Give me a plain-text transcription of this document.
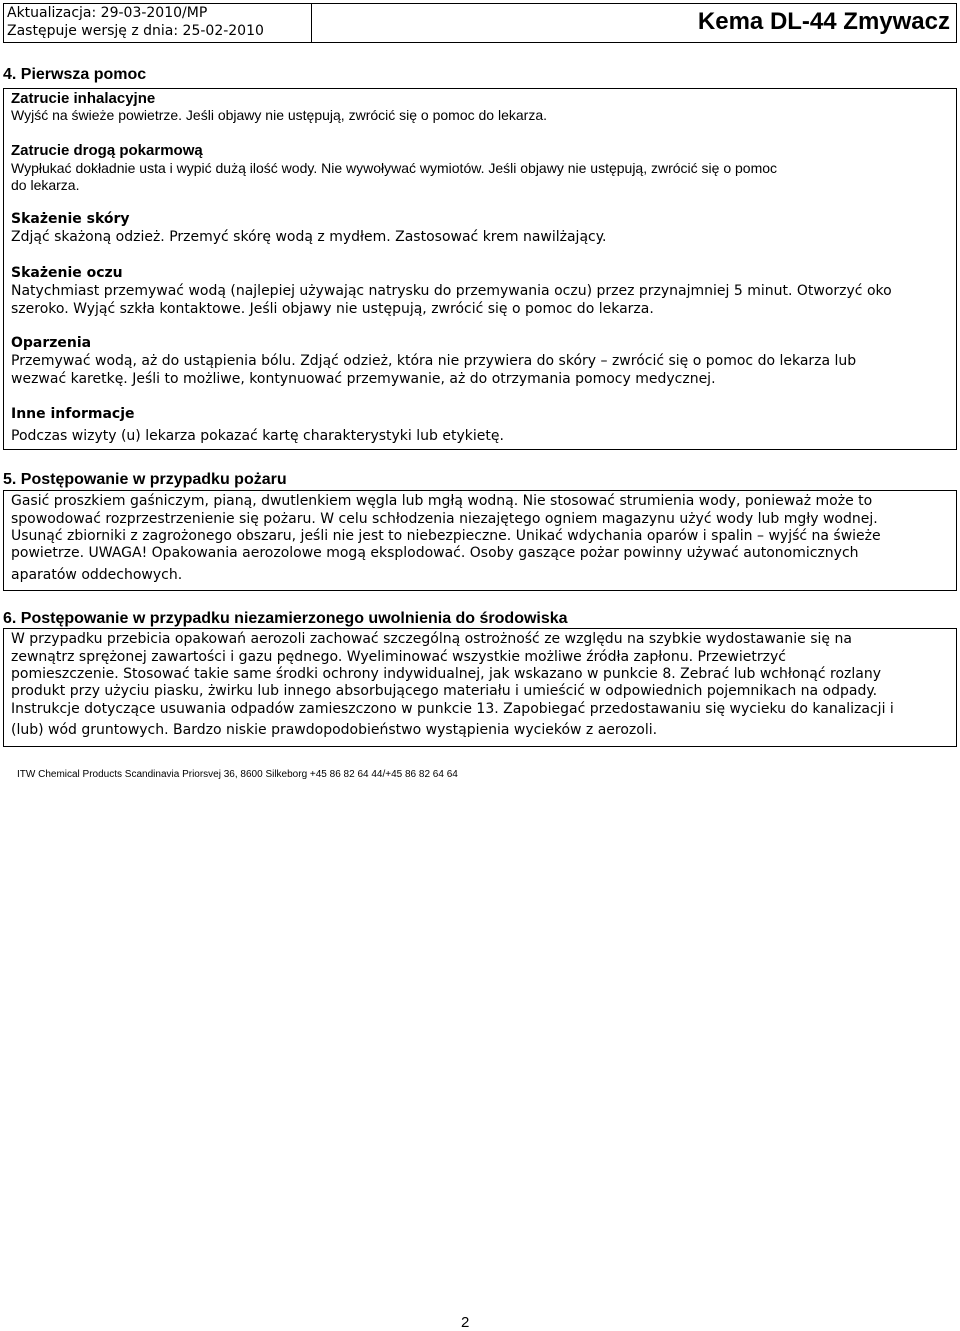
Aktualizacja: 29-03-2010/MP
Zastępuje wersję z dnia: 25-02-2010	Kema DL-44 Zmywacz
4. Pierwsza pomoc
Zatrucie inhalacyjne
Wyjść na świeże powietrze. Jeśli objawy nie ustępują, zwrócić się o pomoc do lekarza.
Zatrucie drogą pokarmową
Wypłukać dokładnie usta i wypić dużą ilość wody. Nie wywoływać wymiotów. Jeśli objawy nie ustępują, zwrócić się o pomoc
do lekarza.
Skażenie skóry
Zdjąć skażoną odzież. Przemyć skórę wodą z mydłem. Zastosować krem nawilżający.
Skażenie oczu
Natychmiast przemywać wodą (najlepiej używając natrysku do przemywania oczu) przez przynajmniej 5 minut. Otworzyć oko
szeroko. Wyjąć szkła kontaktowe. Jeśli objawy nie ustępują, zwrócić się o pomoc do lekarza.
Oparzenia
Przemywać wodą, aż do ustąpienia bólu. Zdjąć odzież, która nie przywiera do skóry – zwrócić się o pomoc do lekarza lub
wezwać karetkę. Jeśli to możliwe, kontynuować przemywanie, aż do otrzymania pomocy medycznej.
Inne informacje
Podczas wizyty (u) lekarza pokazać kartę charakterystyki lub etykietę.
5. Postępowanie w przypadku pożaru
Gasić proszkiem gaśniczym, pianą, dwutlenkiem węgla lub mgłą wodną. Nie stosować strumienia wody, ponieważ może to
spowodować rozprzestrzenienie się pożaru. W celu schłodzenia niezajętego ogniem magazynu użyć wody lub mgły wodnej.
Usunąć zbiorniki z zagrożonego obszaru, jeśli nie jest to niebezpieczne. Unikać wdychania oparów i spalin – wyjść na świeże
powietrze. UWAGA! Opakowania aerozolowe mogą eksplodować. Osoby gaszące pożar powinny używać autonomicznych
aparatów oddechowych.
6. Postępowanie w przypadku niezamierzonego uwolnienia do środowiska
W przypadku przebicia opakowań aerozoli zachować szczególną ostrożność ze względu na szybkie wydostawanie się na
zewnątrz sprężonej zawartości i gazu pędnego. Wyeliminować wszystkie możliwe źródła zapłonu. Przewietrzyć
pomieszczenie. Stosować takie same środki ochrony indywidualnej, jak wskazano w punkcie 8. Zebrać lub wchłonąć rozlany
produkt przy użyciu piasku, żwirku lub innego absorbującego materiału i umieścić w odpowiednich pojemnikach na odpady.
Instrukcje dotyczące usuwania odpadów zamieszczono w punkcie 13. Zapobiegać przedostawaniu się wycieku do kanalizacji i
(lub) wód gruntowych. Bardzo niskie prawdopodobieństwo wystąpienia wycieków z aerozoli.
ITW Chemical Products Scandinavia Priorsvej 36, 8600 Silkeborg +45 86 82 64 44/+45 86 82 64 64
2
